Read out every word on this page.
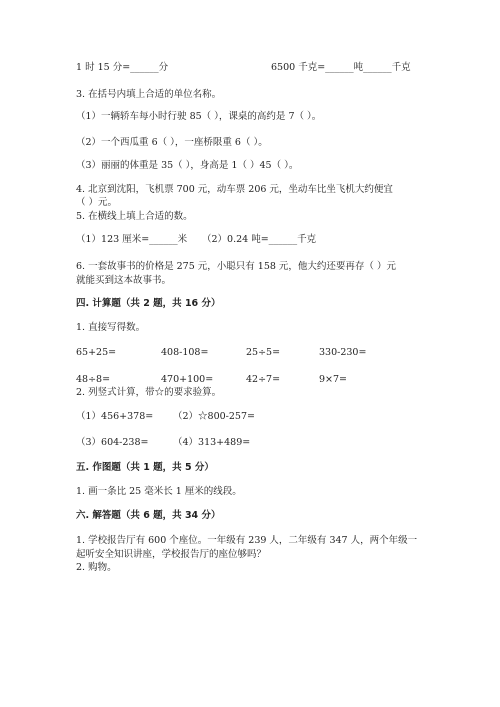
1 时 15 分=______分	6500 千克=______吨______千克
3. 在括号内填上合适的单位名称。
（1）一辆轿车每小时行驶 85（ ），课桌的高约是 7（ ）。
（2）一个西瓜重 6（ ），一座桥限重 6（ ）。
（3）丽丽的体重是 35（ ），身高是 1（ ）45（ ）。
4. 北京到沈阳，飞机票 700 元，动车票 206 元，坐动车比坐飞机大约便宜
（ ）元。
5. 在横线上填上合适的数。
（1）123 厘米=______米 （2）0.24 吨=______千克
6. 一套故事书的价格是 275 元，小聪只有 158 元，他大约还要再存（ ）元
就能买到这本故事书。
四. 计算题（共 2 题，共 16 分）
1. 直接写得数。
65+25=	408-108=	25÷5=	330-230=
48÷8=	470+100=	42÷7=	9×7=
2. 列竖式计算，带☆的要求验算。
（1）456+378= （2）☆800-257=
（3）604-238=	（4）313+489=
五. 作图题（共 1 题，共 5 分）
1. 画一条比 25 毫米长 1 厘米的线段。
六. 解答题（共 6 题，共 34 分）
1. 学校报告厅有 600 个座位。一年级有 239 人，二年级有 347 人，两个年级一
起听安全知识讲座，学校报告厅的座位够吗？
2. 购物。
